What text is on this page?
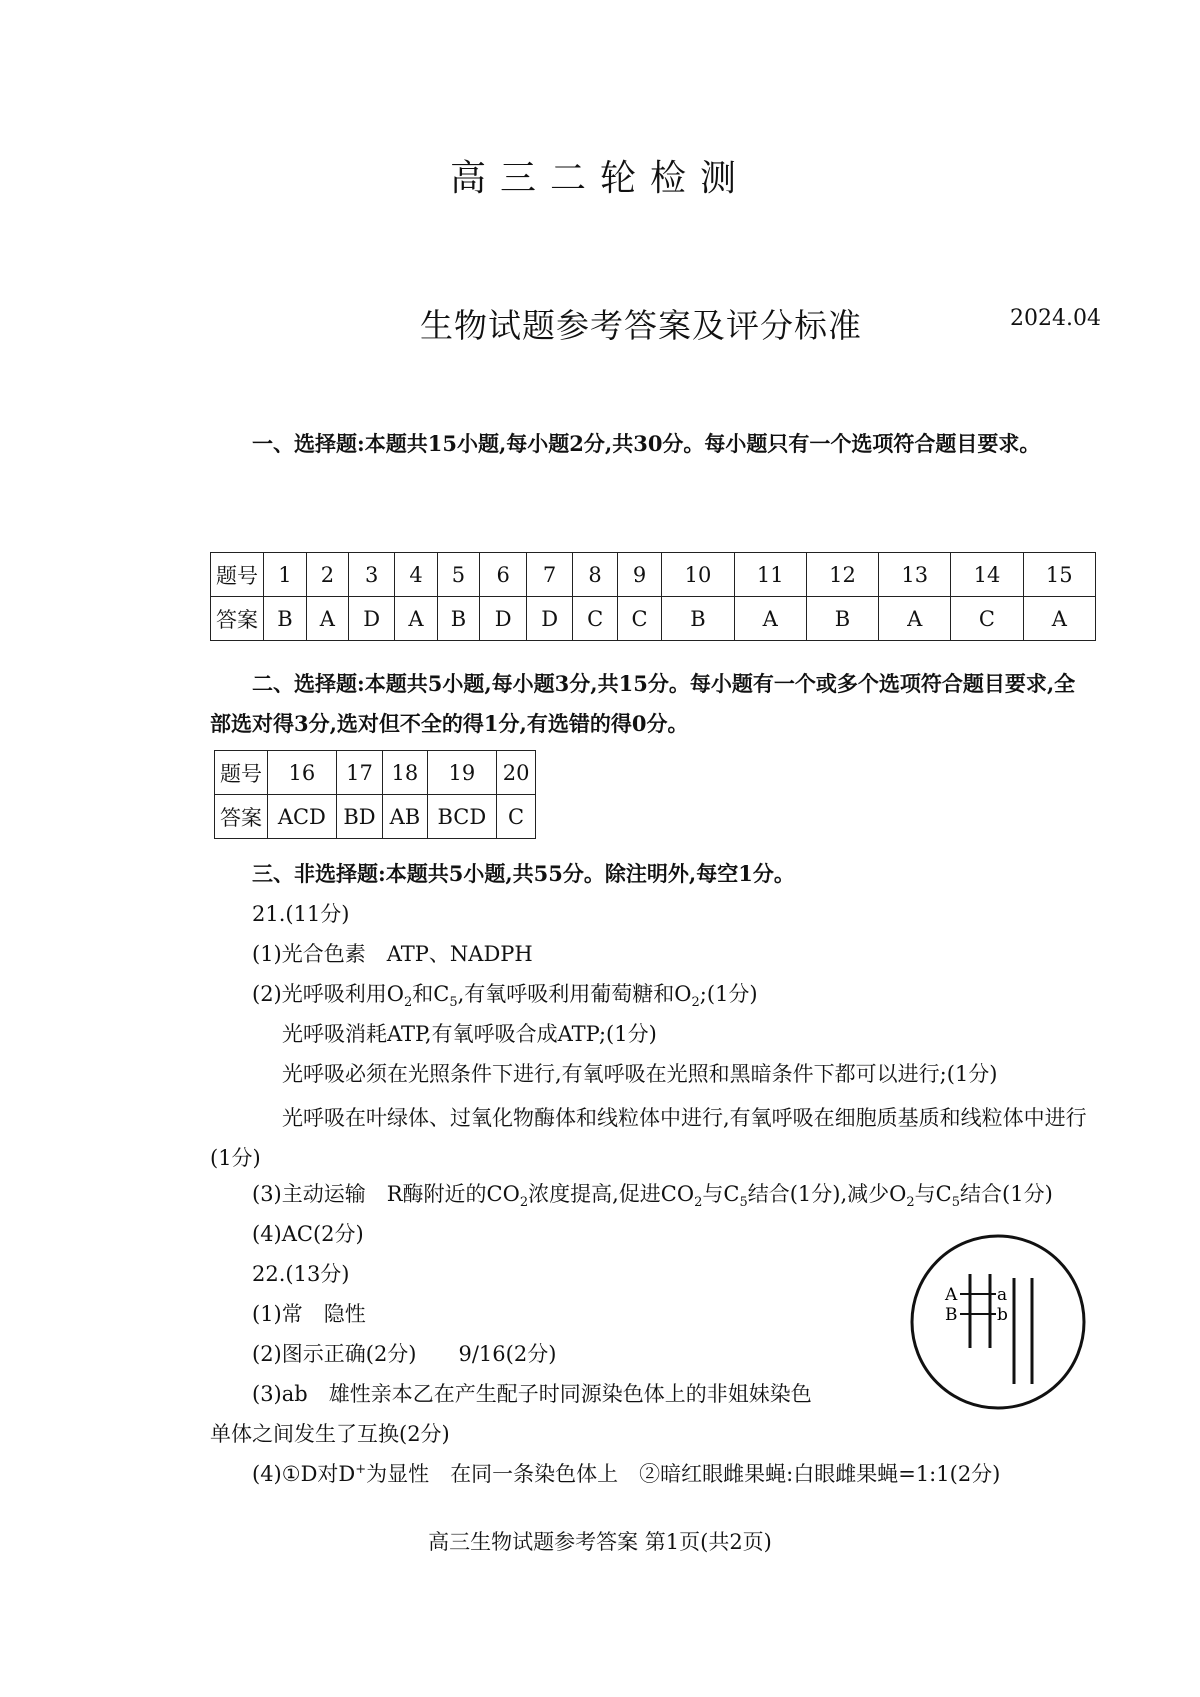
高三二轮检测
生物试题参考答案及评分标准	2024.04
一、选择题:本题共15小题,每小题2分,共30分。每小题只有一个选项符合题目要求。
题号	1	2	3	4	5	6	7	8	9	10	11	12	13	14	15
答案	B	A	D	A	B	D	D	C	C	B	A	B	A	C	A
二、选择题:本题共5小题,每小题3分,共15分。每小题有一个或多个选项符合题目要求,全部选对得3分,选对但不全的得1分,有选错的得0分。
题号	16	17	18	19	20
答案	ACD	BD	AB	BCD	C
三、非选择题:本题共5小题,共55分。除注明外,每空1分。
21.(11分)
(1)光合色素　ATP、NADPH
(2)光呼吸利用$O_2$和$C_5$,有氧呼吸利用葡萄糖和$O_2;(1$分)
光呼吸消耗ATP,有氧呼吸合成ATP;(1分)
光呼吸必须在光照条件下进行,有氧呼吸在光照和黑暗条件下都可以进行;(1分)
光呼吸在叶绿体、过氧化物酶体和线粒体中进行,有氧呼吸在细胞质基质和线粒体中进行(1分)
(3)主动运输　R酶附近的$CO_2$浓度提高,促进$CO_2$与$C_5$结合(1分),减少$O_2$与$C_5$结合(1分)
(4)AC(2分)
22.(13分)
(1)常　隐性
(2)图示正确(2分)　　9/16(2分)
(3)ab　雄性亲本乙在产生配子时同源染色体上的非姐妹染色
单体之间发生了互换(2分)
(4)①D对D+为显性　在同一条染色体上　②暗红眼雌果蝇:白眼雌果蝇=1:1(2分)
A a
B b
高三生物试题参考答案 第1页(共2页)
